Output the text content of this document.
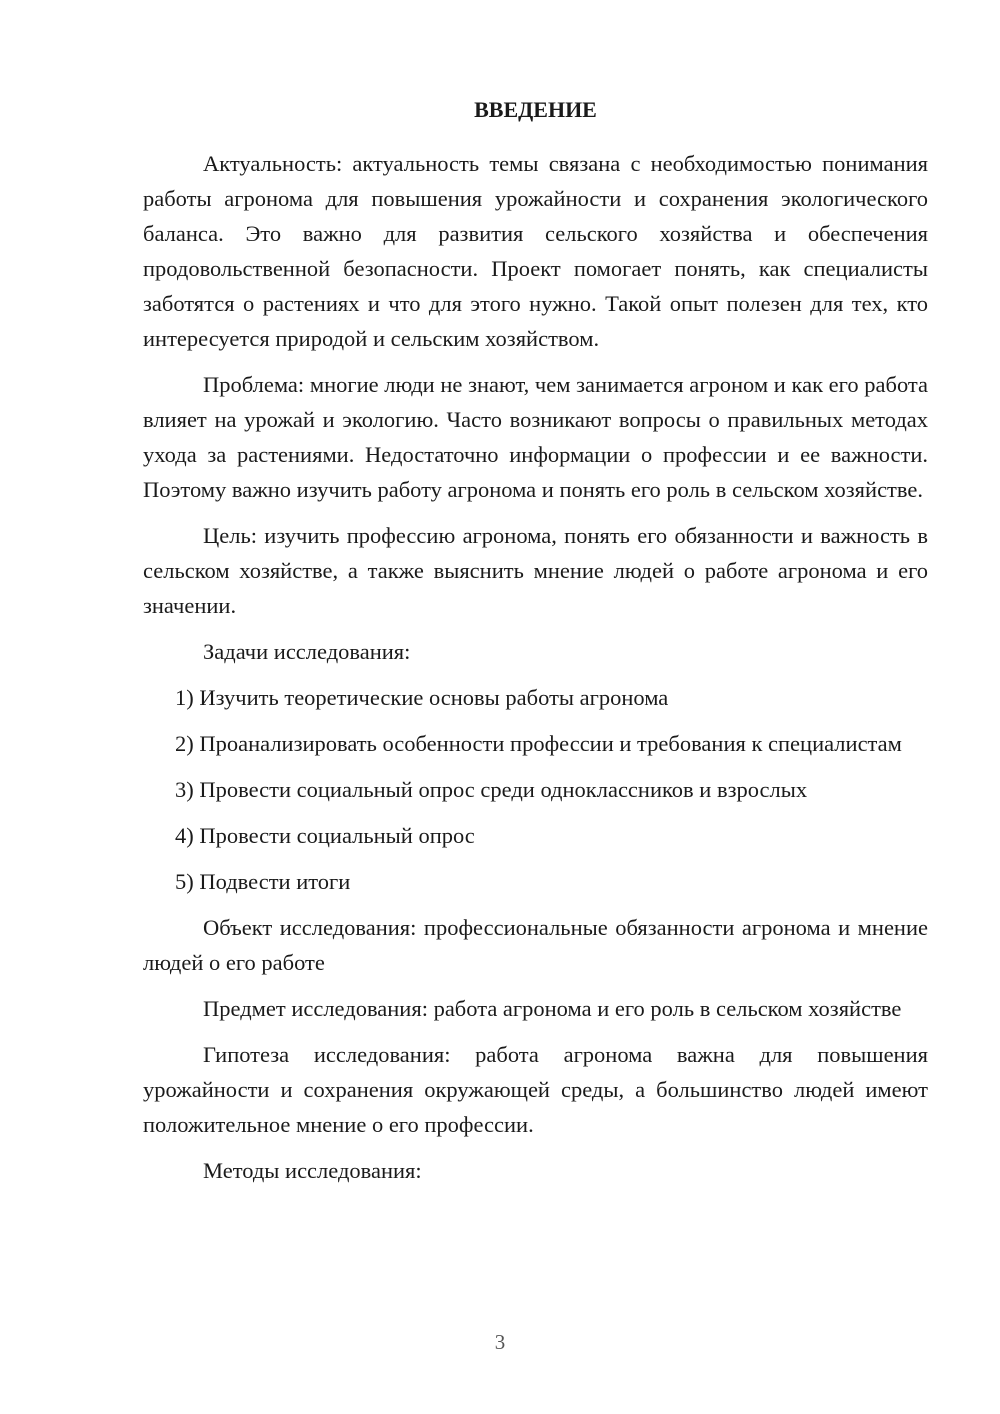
ВВЕДЕНИЕ

Актуальность: актуальность темы связана с необходимостью понимания работы агронома для повышения урожайности и сохранения экологического баланса. Это важно для развития сельского хозяйства и обеспечения продовольственной безопасности. Проект помогает понять, как специалисты заботятся о растениях и что для этого нужно. Такой опыт полезен для тех, кто интересуется природой и сельским хозяйством.

Проблема: многие люди не знают, чем занимается агроном и как его работа влияет на урожай и экологию. Часто возникают вопросы о правильных методах ухода за растениями. Недостаточно информации о профессии и ее важности. Поэтому важно изучить работу агронома и понять его роль в сельском хозяйстве.

Цель: изучить профессию агронома, понять его обязанности и важность в сельском хозяйстве, а также выяснить мнение людей о работе агронома и его значении.

Задачи исследования:

1) Изучить теоретические основы работы агронома

2) Проанализировать особенности профессии и требования к специалистам

3) Провести социальный опрос среди одноклассников и взрослых

4) Провести социальный опрос

5) Подвести итоги

Объект исследования: профессиональные обязанности агронома и мнение людей о его работе

Предмет исследования: работа агронома и его роль в сельском хозяйстве

Гипотеза исследования: работа агронома важна для повышения урожайности и сохранения окружающей среды, а большинство людей имеют положительное мнение о его профессии.

Методы исследования:

3
